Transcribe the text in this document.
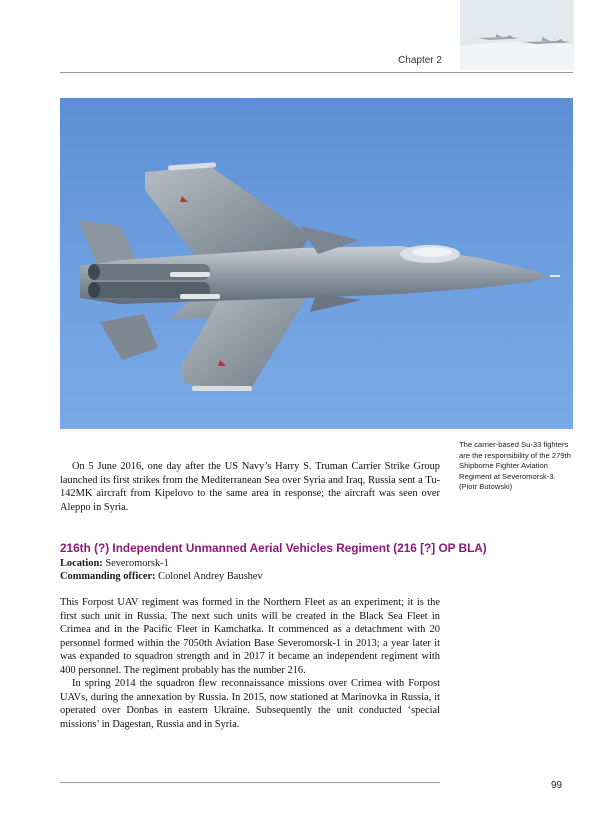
Chapter 2

The carrier-based Su-33 fighters are the responsibility of the 279th Shipborne Fighter Aviation Regiment at Severomorsk-3.

(Piotr Butowski)

On 5 June 2016, one day after the US Navy’s Harry S. Truman Carrier Strike Group launched its first strikes from the Mediterranean Sea over Syria and Iraq, Russia sent a Tu-142MK aircraft from Kipelovo to the same area in response; the aircraft was seen over Aleppo in Syria.

216th (?) Independent Unmanned Aerial Vehicles Regiment (216 [?] OP BLA)

Location: Severomorsk-1

Commanding officer: Colonel Andrey Baushev

This Forpost UAV regiment was formed in the Northern Fleet as an experiment; it is the first such unit in Russia. The next such units will be created in the Black Sea Fleet in Crimea and in the Pacific Fleet in Kamchatka. It commenced as a detachment with 20 personnel formed within the 7050th Aviation Base Severomorsk-1 in 2013; a year later it was expanded to squadron strength and in 2017 it became an independent regiment with 400 personnel. The regiment probably has the number 216.

In spring 2014 the squadron flew reconnaissance missions over Crimea with Forpost UAVs, during the annexation by Russia. In 2015, now stationed at Marinovka in Russia, it operated over Donbas in eastern Ukraine. Subsequently the unit conducted ‘special missions’ in Dagestan, Russia and in Syria.

99
